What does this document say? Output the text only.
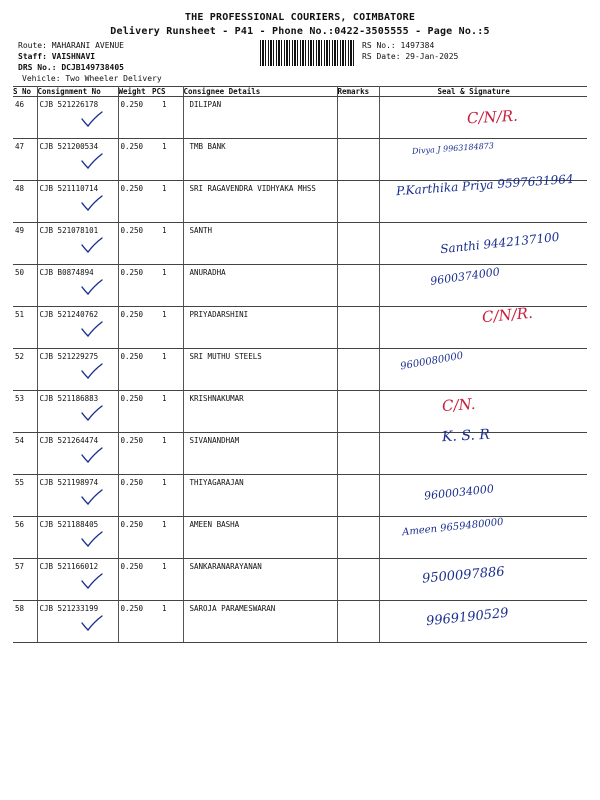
THE PROFESSIONAL COURIERS, COIMBATORE
Delivery Runsheet - P41 - Phone No.:0422-3505555 - Page No.:5
Route: MAHARANI AVENUE
Staff: VAISHNAVI
DRS No.: DCJB149738405
Vehicle: Two Wheeler Delivery
RS No.: 1497384
RS Date: 29-Jan-2025
S No	Consignment No	Weight	PCS	Consignee Details	Remarks	Seal & Signature
46	CJB 521226178	0.250	1	DILIPAN		C/N/R.

47	CJB 521200534	0.250	1	TMB BANK		Divya J 9963184873

48	CJB 521110714	0.250	1	SRI RAGAVENDRA VIDHYAKA MHSS		P.Karthika Priya 9597631964

49	CJB 521078101	0.250	1	SANTH		Santhi 9442137100

50	CJB B0874894	0.250	1	ANURADHA		9600374000

51	CJB 521240762	0.250	1	PRIYADARSHINI		C/N/R.

52	CJB 521229275	0.250	1	SRI MUTHU STEELS		9600080000

53	CJB 521186883	0.250	1	KRISHNAKUMAR		C/N.

54	CJB 521264474	0.250	1	SIVANANDHAM		K. S. R

55	CJB 521198974	0.250	1	THIYAGARAJAN		9600034000

56	CJB 521188405	0.250	1	AMEEN BASHA		Ameen 9659480000

57	CJB 521166012	0.250	1	SANKARANARAYANAN		9500097886

58	CJB 521233199	0.250	1	SAROJA PARAMESWARAN		9969190529
